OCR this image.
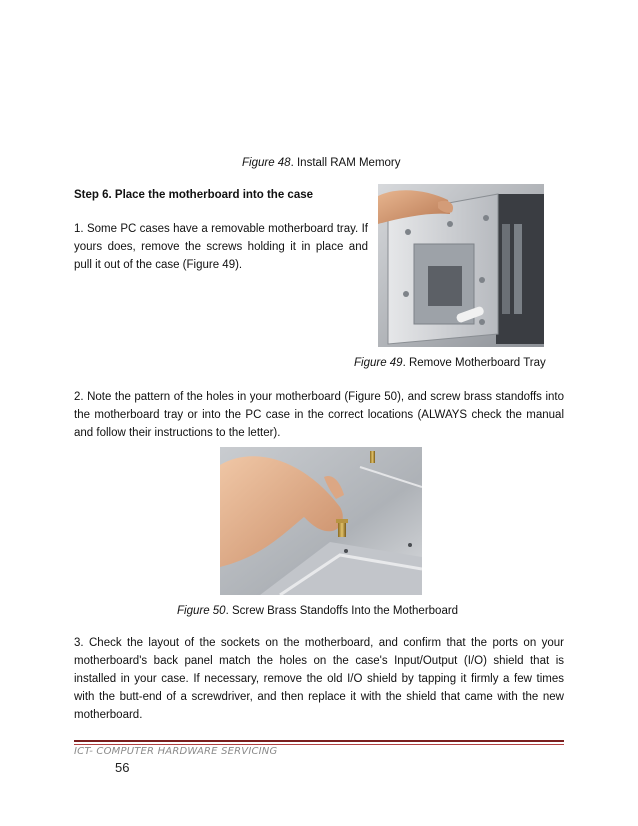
Figure 48. Install RAM Memory
Step 6. Place the motherboard into the case
1. Some PC cases have a removable motherboard tray. If yours does, remove the screws holding it in place and pull it out of the case (Figure 49).
Figure 49. Remove Motherboard Tray
2. Note the pattern of the holes in your motherboard (Figure 50), and screw brass standoffs into the motherboard tray or into the PC case in the correct locations (ALWAYS check the manual and follow their instructions to the letter).
Figure 50. Screw Brass Standoffs Into the Motherboard
3. Check the layout of the sockets on the motherboard, and confirm that the ports on your motherboard's back panel match the holes on the case's Input/Output (I/O) shield that is installed in your case. If necessary, remove the old I/O shield by tapping it firmly a few times with the butt-end of a screwdriver, and then replace it with the shield that came with the new motherboard.
ICT- COMPUTER HARDWARE SERVICING
56
